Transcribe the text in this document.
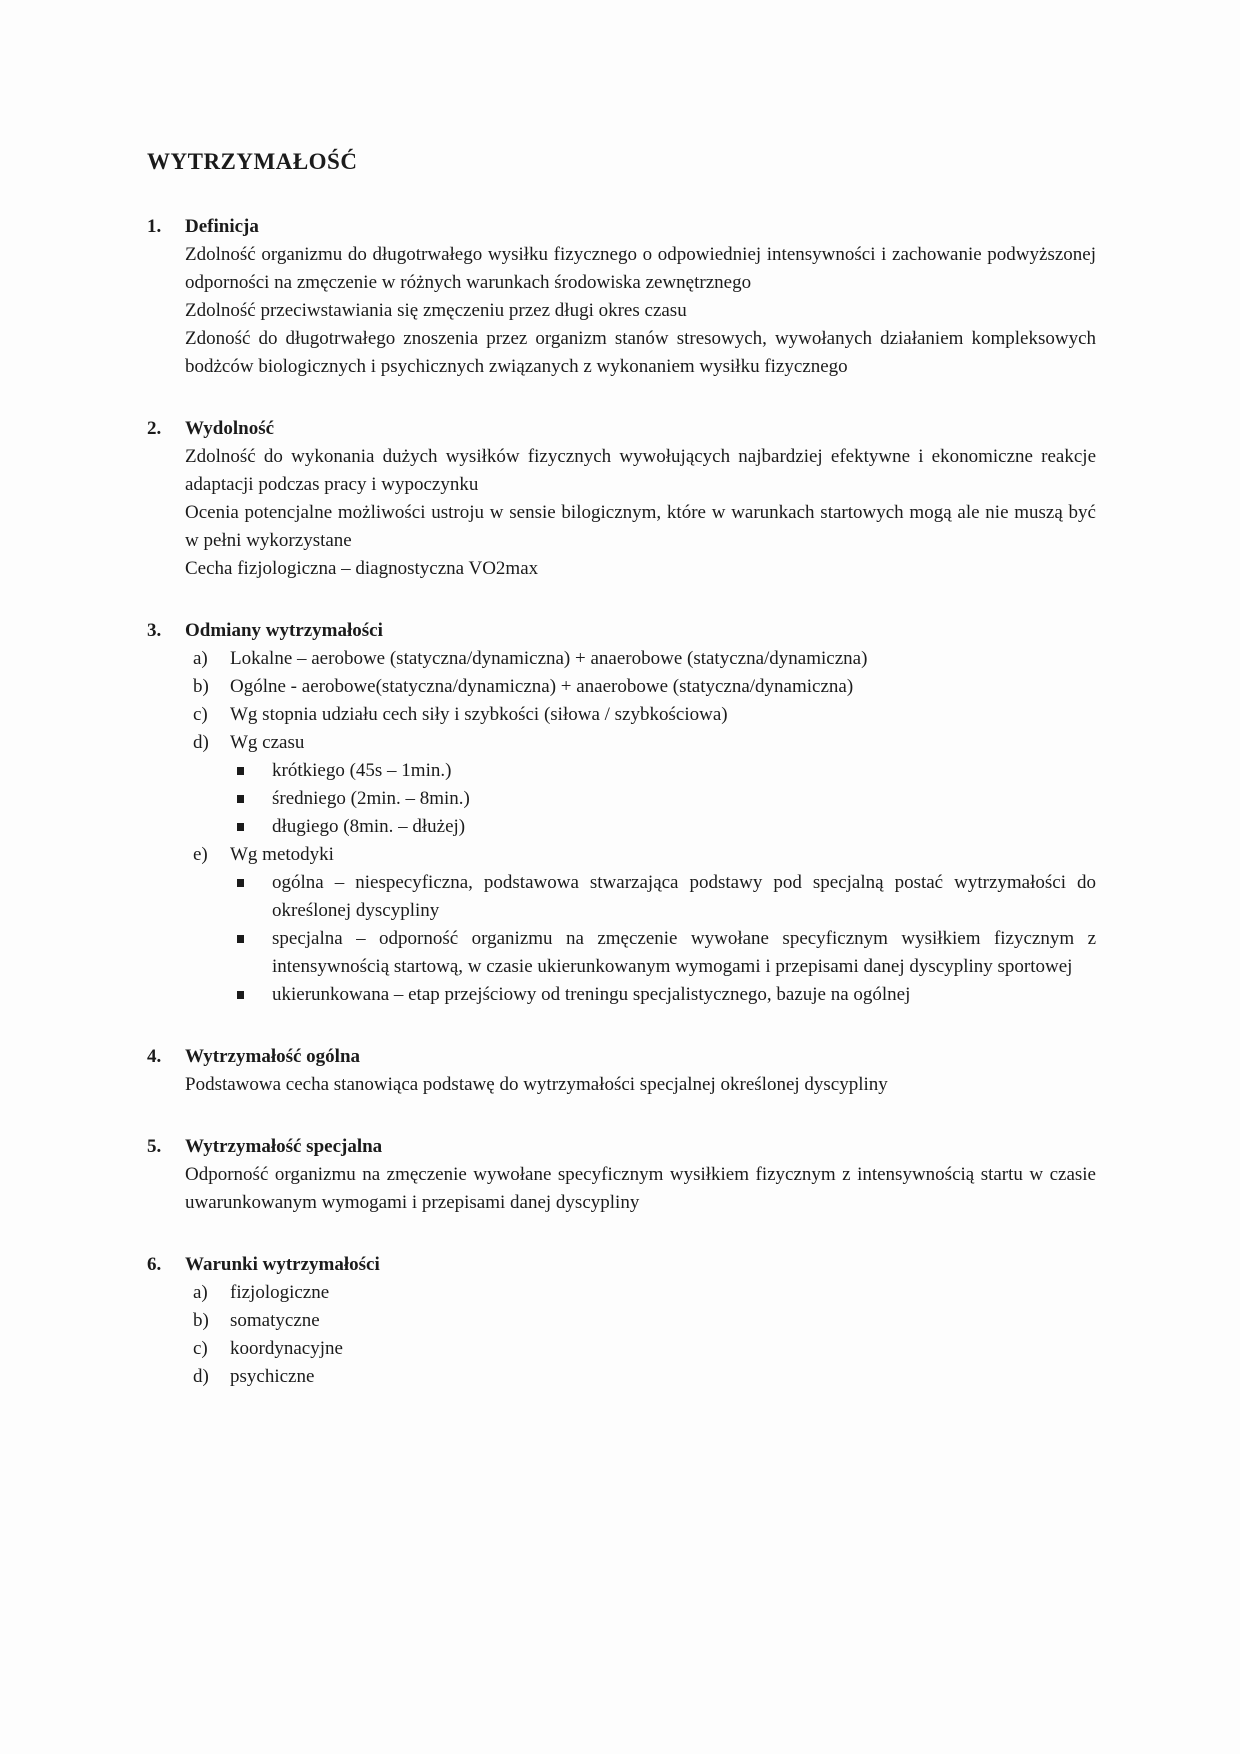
WYTRZYMAŁOŚĆ
1.	Definicja
Zdolność organizmu do długotrwałego wysiłku fizycznego o odpowiedniej intensywności i zachowanie podwyższonej odporności na zmęczenie w różnych warunkach środowiska zewnętrznego
Zdolność przeciwstawiania się zmęczeniu przez długi okres czasu
Zdoność do długotrwałego znoszenia przez organizm stanów stresowych, wywołanych działaniem kompleksowych bodżców biologicznych i psychicznych związanych z wykonaniem wysiłku fizycznego
2.	Wydolność
Zdolność do wykonania dużych wysiłków fizycznych wywołujących najbardziej efektywne i ekonomiczne reakcje adaptacji podczas pracy i wypoczynku
Ocenia potencjalne możliwości ustroju w sensie bilogicznym, które w warunkach startowych mogą ale nie muszą być w pełni wykorzystane
Cecha fizjologiczna – diagnostyczna VO2max
3.	Odmiany wytrzymałości
a)	Lokalne – aerobowe (statyczna/dynamiczna) + anaerobowe (statyczna/dynamiczna)
b)	Ogólne - aerobowe(statyczna/dynamiczna) + anaerobowe (statyczna/dynamiczna)
c)	Wg stopnia udziału cech siły i szybkości (siłowa / szybkościowa)
d)	Wg czasu
krótkiego (45s – 1min.)
średniego (2min. – 8min.)
długiego (8min. – dłużej)
e)	Wg metodyki
ogólna – niespecyficzna, podstawowa stwarzająca podstawy pod specjalną postać wytrzymałości do określonej dyscypliny
specjalna – odporność organizmu na zmęczenie wywołane specyficznym wysiłkiem fizycznym z intensywnością startową, w czasie ukierunkowanym wymogami i przepisami danej dyscypliny sportowej
ukierunkowana – etap przejściowy od treningu specjalistycznego, bazuje na ogólnej
4.	Wytrzymałość ogólna
Podstawowa cecha stanowiąca podstawę do wytrzymałości specjalnej określonej dyscypliny
5.	Wytrzymałość specjalna
Odporność organizmu na zmęczenie wywołane specyficznym wysiłkiem fizycznym z intensywnością startu w czasie uwarunkowanym wymogami i przepisami danej dyscypliny
6.	Warunki wytrzymałości
a)	fizjologiczne
b)	somatyczne
c)	koordynacyjne
d)	psychiczne
